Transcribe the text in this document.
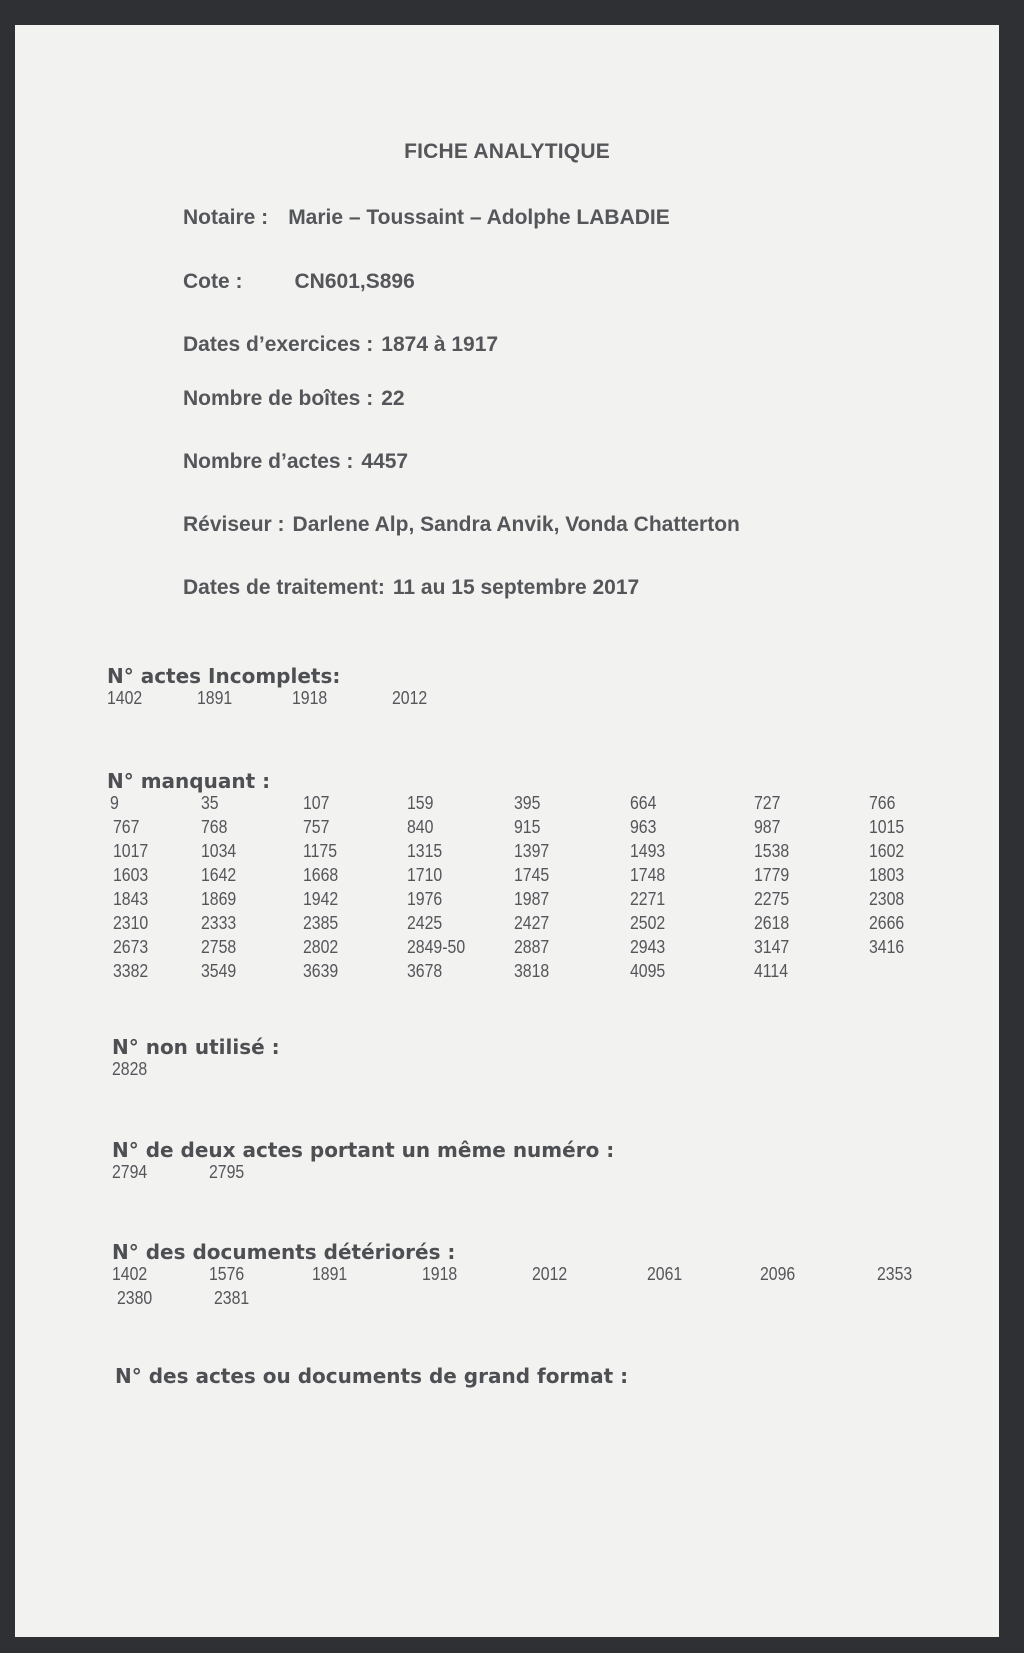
FICHE ANALYTIQUE
Notaire : Marie – Toussaint – Adolphe LABADIE
Cote : CN601,S896
Dates d’exercices : 1874 à 1917
Nombre de boîtes : 22
Nombre d’actes : 4457
Réviseur : Darlene Alp, Sandra Anvik, Vonda Chatterton
Dates de traitement: 11 au 15 septembre 2017
N° actes Incomplets:
1402	1891	1918	2012
N° manquant :
9	35	107	159	395	664	727	766
767	768	757	840	915	963	987	1015
1017	1034	1175	1315	1397	1493	1538	1602
1603	1642	1668	1710	1745	1748	1779	1803
1843	1869	1942	1976	1987	2271	2275	2308
2310	2333	2385	2425	2427	2502	2618	2666
2673	2758	2802	2849-50	2887	2943	3147	3416
3382	3549	3639	3678	3818	4095	4114
N° non utilisé :
2828
N° de deux actes portant un même numéro :
2794	2795
N° des documents détériorés :
1402	1576	1891	1918	2012	2061	2096	2353
2380	2381
N° des actes ou documents de grand format :
